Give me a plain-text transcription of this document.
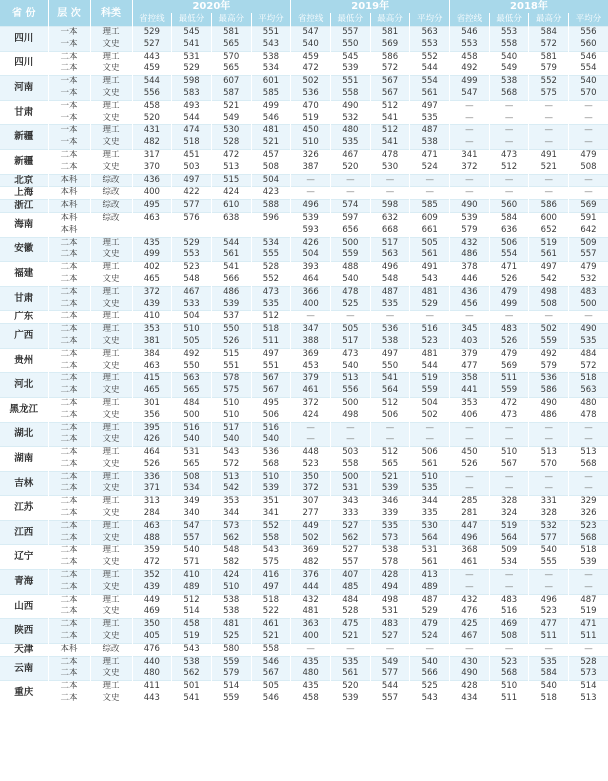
省 份	层 次	科类	2020年				2019年				2018年			
			省控线	最低分	最高分	平均分	省控线	最低分	最高分	平均分	省控线	最低分	最高分	平均分
四川	一本	理工	529	545	581	551	547	557	581	563	546	553	584	556
	一本	文史	527	541	565	543	540	550	569	553	553	558	572	560
四川	二本	理工	443	531	570	538	459	545	586	552	458	540	581	546
	二本	文史	459	529	565	534	472	539	572	544	492	549	579	554
河南	一本	理工	544	598	607	601	502	551	567	554	499	538	552	540
	一本	文史	556	583	587	585	536	558	567	561	547	568	575	570
甘肃	一本	理工	458	493	521	499	470	490	512	497	—	—	—	—
	一本	文史	520	544	549	546	519	532	541	535	—	—	—	—
新疆	一本	理工	431	474	530	481	450	480	512	487	—	—	—	—
	一本	文史	482	518	528	521	510	535	541	538	—	—	—	—
新疆	二本	理工	317	451	472	457	326	467	478	471	341	473	491	479
	二本	文史	370	503	513	508	387	520	530	524	372	512	521	508
北京	本科	综改	436	497	515	504	—	—	—	—	—	—	—	—
上海	本科	综改	400	422	424	423	—	—	—	—	—	—	—	—
浙江	本科	综改	495	577	610	588	496	574	598	585	490	560	586	569
海南	本科	综改	463	576	638	596	539	597	632	609	539	584	600	591
	本科						593	656	668	661	579	636	652	642
安徽	二本	理工	435	529	544	534	426	500	517	505	432	506	519	509
	二本	文史	499	553	561	555	504	559	563	561	486	554	561	557
福建	二本	理工	402	523	541	528	393	488	496	491	378	471	497	479
	二本	文史	465	548	566	552	464	540	548	543	446	526	542	532
甘肃	二本	理工	372	467	486	473	366	478	487	481	436	479	498	483
	二本	文史	439	533	539	535	400	525	535	529	456	499	508	500
广东	二本	理工	410	504	537	512	—	—	—	—	—	—	—	—
广西	二本	理工	353	510	550	518	347	505	536	516	345	483	502	490
	二本	文史	381	505	526	511	388	517	538	523	403	526	559	535
贵州	二本	理工	384	492	515	497	369	473	497	481	379	479	492	484
	二本	文史	463	550	551	551	453	540	550	544	477	569	579	572
河北	二本	理工	415	563	578	567	379	513	541	519	358	511	536	518
	二本	文史	465	565	575	567	461	556	564	559	441	559	586	563
黑龙江	二本	理工	301	484	510	495	372	500	512	504	353	472	490	480
	二本	文史	356	500	510	506	424	498	506	502	406	473	486	478
湖北	二本	理工	395	516	517	516	—	—	—	—	—	—	—	—
	二本	文史	426	540	540	540	—	—	—	—	—	—	—	—
湖南	二本	理工	464	531	543	536	448	503	512	506	450	510	513	513
	二本	文史	526	565	572	568	523	558	565	561	526	567	570	568
吉林	二本	理工	336	508	513	510	350	500	521	510	—	—	—	—
	二本	文史	371	534	542	539	372	531	539	535	—	—	—	—
江苏	二本	理工	313	349	353	351	307	343	346	344	285	328	331	329
	二本	文史	284	340	344	341	277	333	339	335	281	324	328	326
江西	二本	理工	463	547	573	552	449	527	535	530	447	519	532	523
	二本	文史	488	557	562	558	502	562	573	564	496	564	577	568
辽宁	二本	理工	359	540	548	543	369	527	538	531	368	509	540	518
	二本	文史	472	571	582	575	482	557	578	561	461	534	555	539
青海	二本	理工	352	410	424	416	376	407	428	413	—	—	—	—
	二本	文史	439	489	510	497	444	485	494	489	—	—	—	—
山西	二本	理工	449	512	538	518	432	484	498	487	432	483	496	487
	二本	文史	469	514	538	522	481	528	531	529	476	516	523	519
陕西	二本	理工	350	458	481	461	363	475	483	479	425	469	477	471
	二本	文史	405	519	525	521	400	521	527	524	467	508	511	511
天津	本科	综改	476	543	580	558	—	—	—	—	—	—	—	—
云南	二本	理工	440	538	559	546	435	535	549	540	430	523	535	528
	二本	文史	480	562	579	567	480	561	577	566	490	568	584	573
重庆	二本	理工	411	501	514	505	435	520	544	525	428	510	540	514
	二本	文史	443	541	559	546	458	539	557	543	434	511	518	513
